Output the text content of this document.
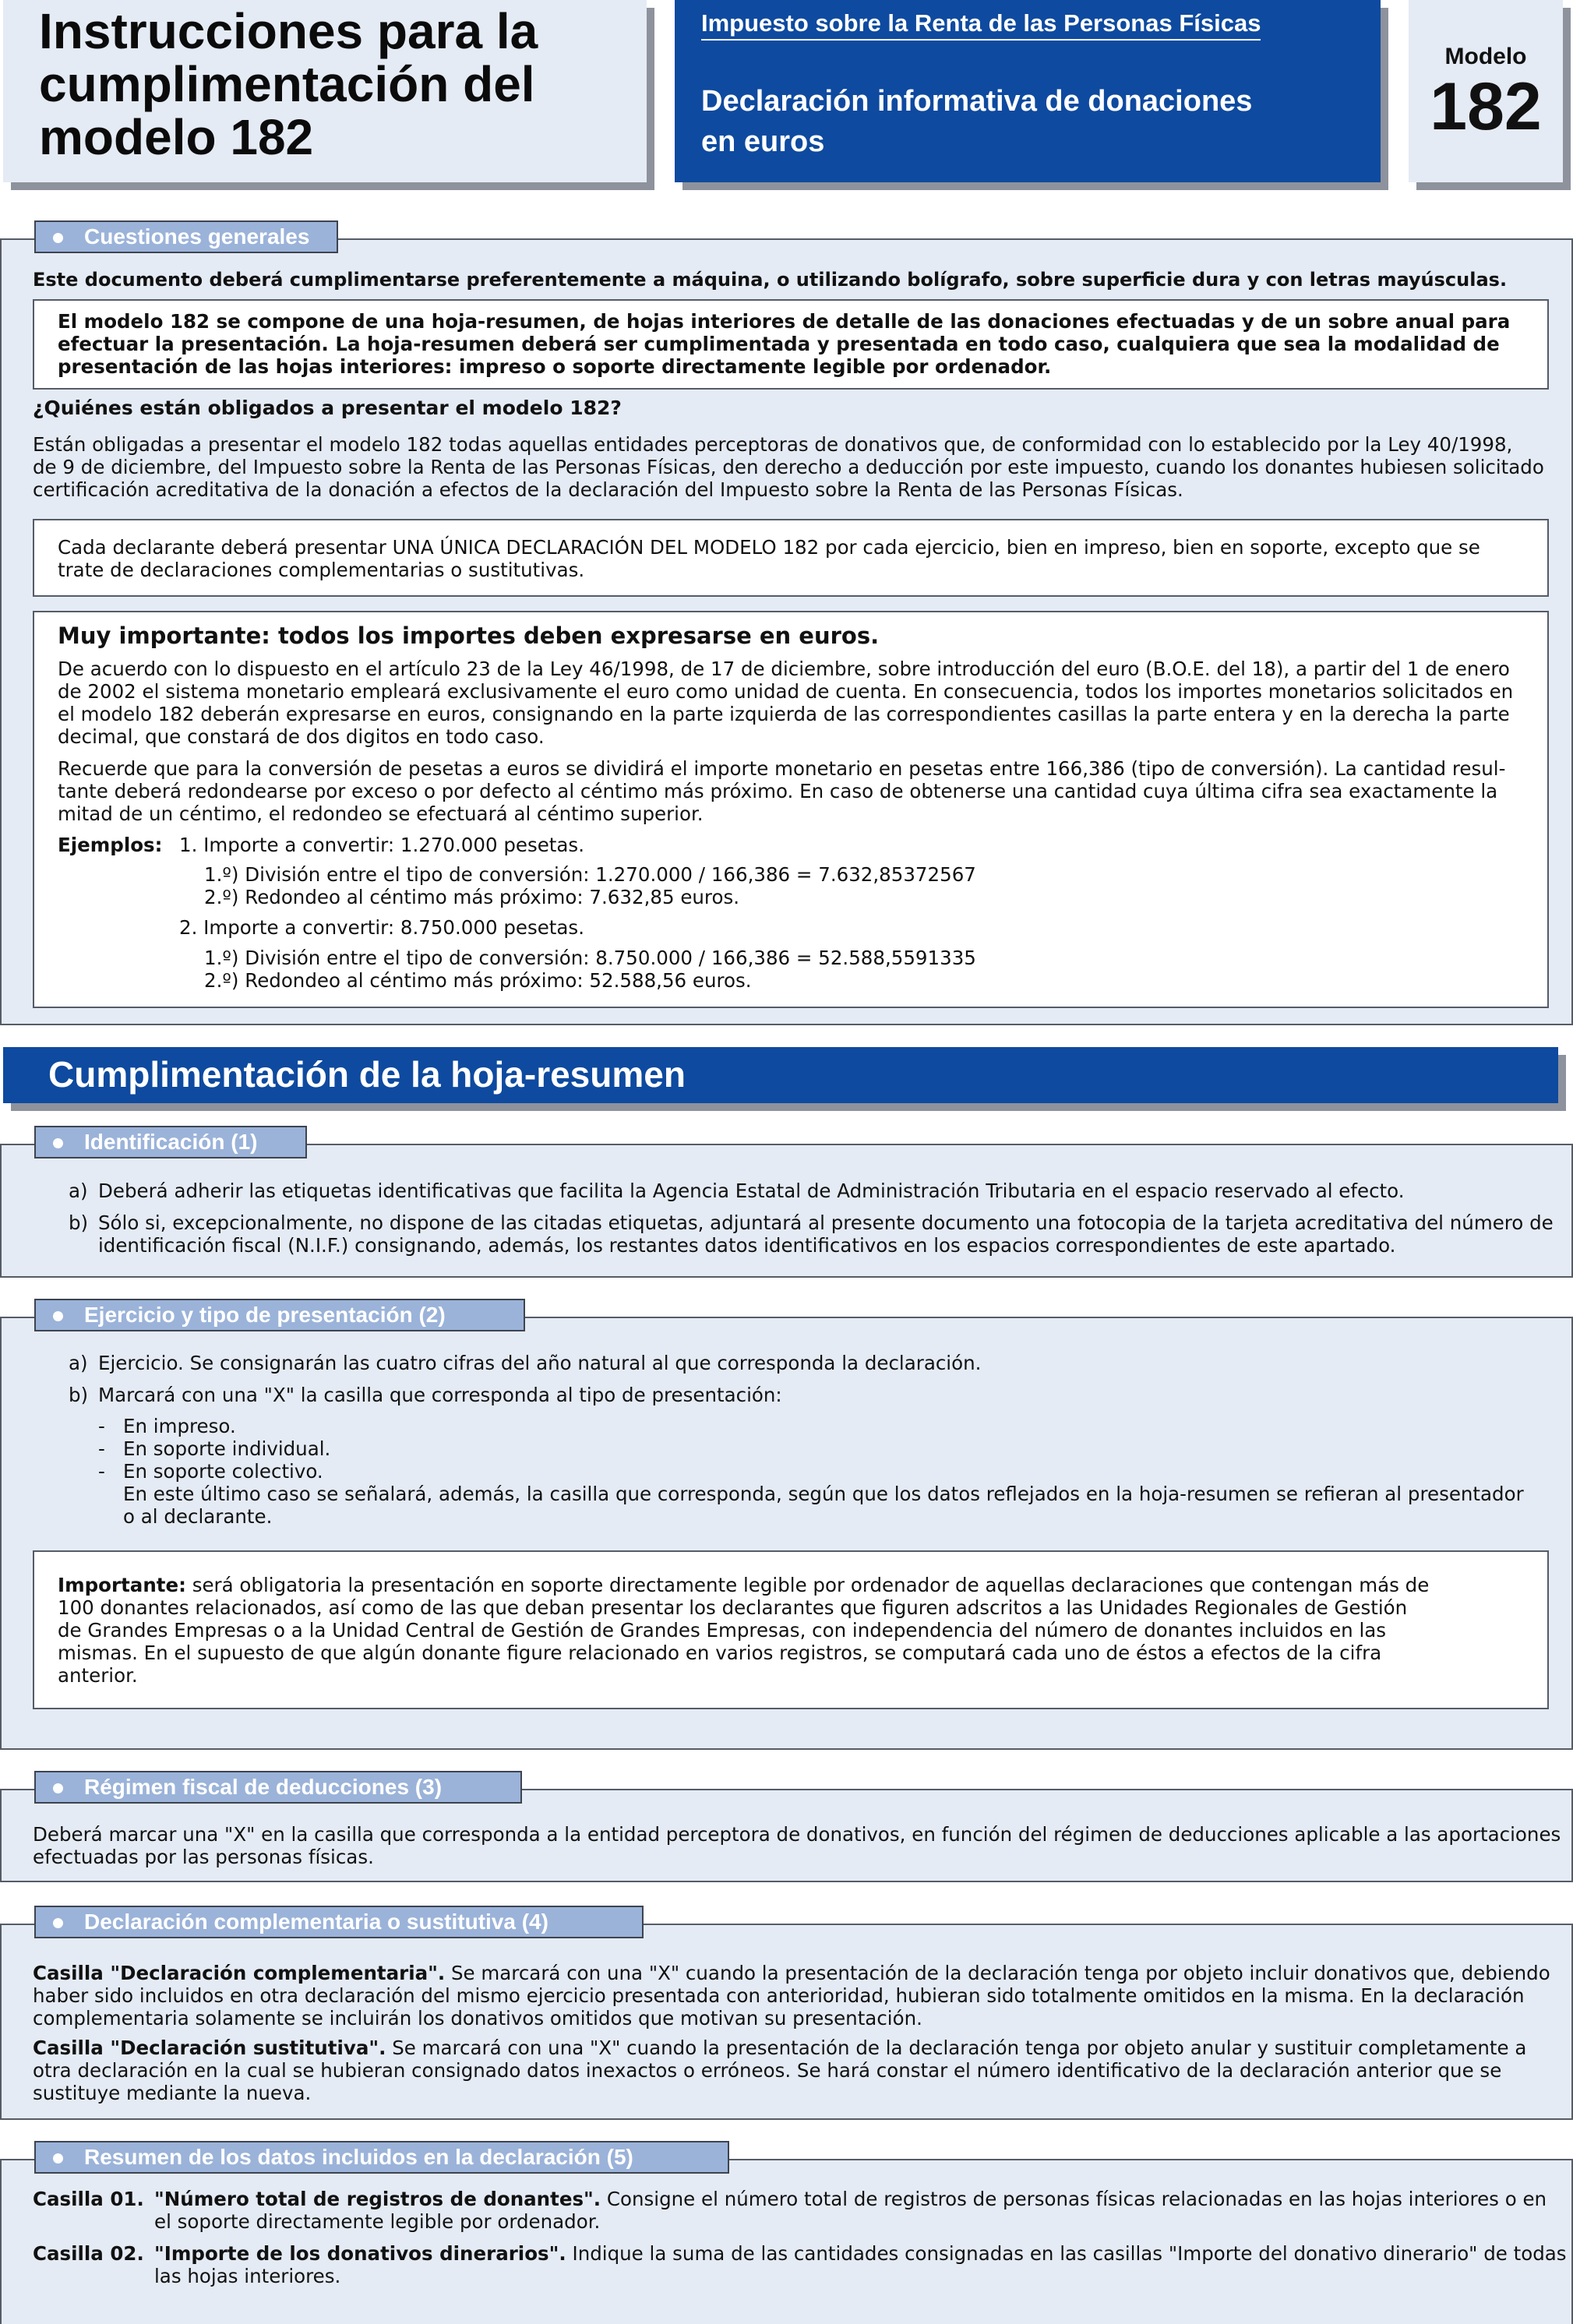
Instrucciones para la
cumplimentación del
modelo 182
Impuesto sobre la Renta de las Personas Físicas
Declaración informativa de donaciones
en euros
Modelo
182
Cuestiones generales
Este documento deberá cumplimentarse preferentemente a máquina, o utilizando bolígrafo, sobre superficie dura y con letras mayúsculas.
El modelo 182 se compone de una hoja-resumen, de hojas interiores de detalle de las donaciones efectuadas y de un sobre anual para
efectuar la presentación. La hoja-resumen deberá ser cumplimentada y presentada en todo caso, cualquiera que sea la modalidad de
presentación de las hojas interiores: impreso o soporte directamente legible por ordenador.
¿Quiénes están obligados a presentar el modelo 182?
Están obligadas a presentar el modelo 182 todas aquellas entidades perceptoras de donativos que, de conformidad con lo establecido por la Ley 40/1998,
de 9 de diciembre, del Impuesto sobre la Renta de las Personas Físicas, den derecho a deducción por este impuesto, cuando los donantes hubiesen solicitado
certificación acreditativa de la donación a efectos de la declaración del Impuesto sobre la Renta de las Personas Físicas.
Cada declarante deberá presentar UNA ÚNICA DECLARACIÓN DEL MODELO 182 por cada ejercicio, bien en impreso, bien en soporte, excepto que se
trate de declaraciones complementarias o sustitutivas.
Muy importante: todos los importes deben expresarse en euros.
De acuerdo con lo dispuesto en el artículo 23 de la Ley 46/1998, de 17 de diciembre, sobre introducción del euro (B.O.E. del 18), a partir del 1 de enero
de 2002 el sistema monetario empleará exclusivamente el euro como unidad de cuenta. En consecuencia, todos los importes monetarios solicitados en
el modelo 182 deberán expresarse en euros, consignando en la parte izquierda de las correspondientes casillas la parte entera y en la derecha la parte
decimal, que constará de dos digitos en todo caso.
Recuerde que para la conversión de pesetas a euros se dividirá el importe monetario en pesetas entre 166,386 (tipo de conversión). La cantidad resul-
tante deberá redondearse por exceso o por defecto al céntimo más próximo. En caso de obtenerse una cantidad cuya última cifra sea exactamente la
mitad de un céntimo, el redondeo se efectuará al céntimo superior.
Ejemplos: 1. Importe a convertir: 1.270.000 pesetas.
1.º) División entre el tipo de conversión: 1.270.000 / 166,386 = 7.632,85372567
2.º) Redondeo al céntimo más próximo: 7.632,85 euros.
2. Importe a convertir: 8.750.000 pesetas.
1.º) División entre el tipo de conversión: 8.750.000 / 166,386 = 52.588,5591335
2.º) Redondeo al céntimo más próximo: 52.588,56 euros.
Cumplimentación de la hoja-resumen
Identificación (1)
a) Deberá adherir las etiquetas identificativas que facilita la Agencia Estatal de Administración Tributaria en el espacio reservado al efecto.
b) Sólo si, excepcionalmente, no dispone de las citadas etiquetas, adjuntará al presente documento una fotocopia de la tarjeta acreditativa del número de
identificación fiscal (N.I.F.) consignando, además, los restantes datos identificativos en los espacios correspondientes de este apartado.
Ejercicio y tipo de presentación (2)
a) Ejercicio. Se consignarán las cuatro cifras del año natural al que corresponda la declaración.
b) Marcará con una "X" la casilla que corresponda al tipo de presentación:
- En impreso.
- En soporte individual.
- En soporte colectivo.
En este último caso se señalará, además, la casilla que corresponda, según que los datos reflejados en la hoja-resumen se refieran al presentador
o al declarante.
Importante: será obligatoria la presentación en soporte directamente legible por ordenador de aquellas declaraciones que contengan más de
100 donantes relacionados, así como de las que deban presentar los declarantes que figuren adscritos a las Unidades Regionales de Gestión
de Grandes Empresas o a la Unidad Central de Gestión de Grandes Empresas, con independencia del número de donantes incluidos en las
mismas. En el supuesto de que algún donante figure relacionado en varios registros, se computará cada uno de éstos a efectos de la cifra
anterior.
Régimen fiscal de deducciones (3)
Deberá marcar una "X" en la casilla que corresponda a la entidad perceptora de donativos, en función del régimen de deducciones aplicable a las aportaciones
efectuadas por las personas físicas.
Declaración complementaria o sustitutiva (4)
Casilla "Declaración complementaria". Se marcará con una "X" cuando la presentación de la declaración tenga por objeto incluir donativos que, debiendo
haber sido incluidos en otra declaración del mismo ejercicio presentada con anterioridad, hubieran sido totalmente omitidos en la misma. En la declaración
complementaria solamente se incluirán los donativos omitidos que motivan su presentación.
Casilla "Declaración sustitutiva". Se marcará con una "X" cuando la presentación de la declaración tenga por objeto anular y sustituir completamente a
otra declaración en la cual se hubieran consignado datos inexactos o erróneos. Se hará constar el número identificativo de la declaración anterior que se
sustituye mediante la nueva.
Resumen de los datos incluidos en la declaración (5)
Casilla 01. "Número total de registros de donantes". Consigne el número total de registros de personas físicas relacionadas en las hojas interiores o en
el soporte directamente legible por ordenador.
Casilla 02. "Importe de los donativos dinerarios". Indique la suma de las cantidades consignadas en las casillas "Importe del donativo dinerario" de todas
las hojas interiores.
